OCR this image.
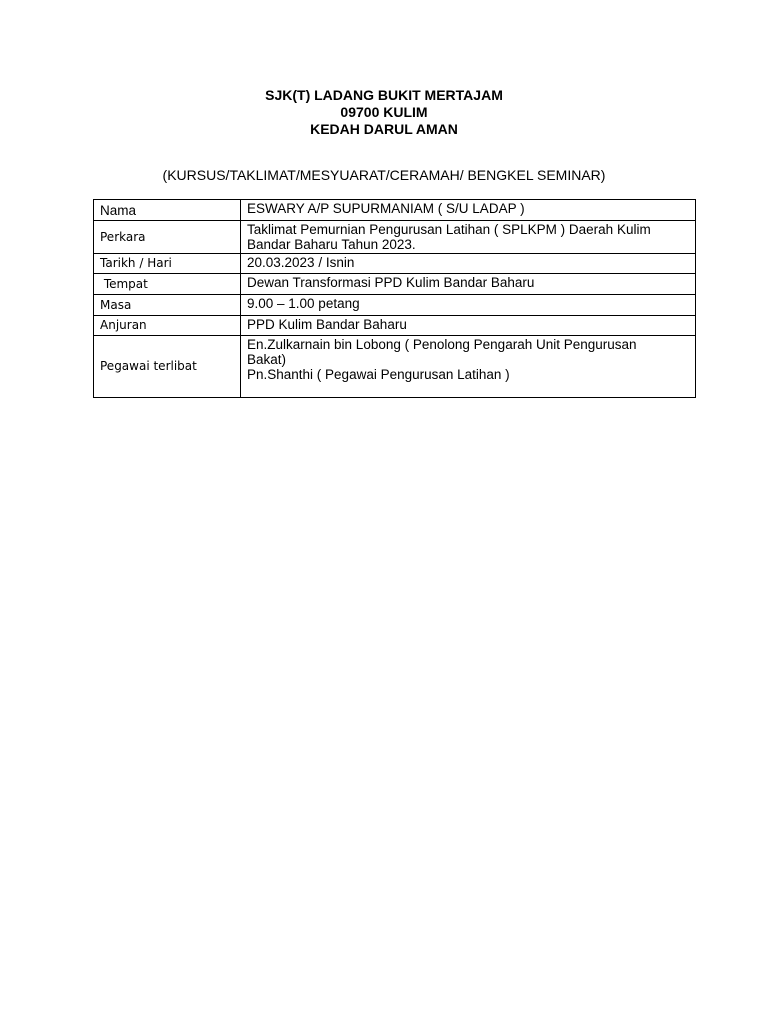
SJK(T) LADANG BUKIT MERTAJAM
09700 KULIM
KEDAH DARUL AMAN
(KURSUS/TAKLIMAT/MESYUARAT/CERAMAH/ BENGKEL SEMINAR)
Nama	ESWARY A/P SUPURMANIAM ( S/U LADAP )
Perkara	Taklimat Pemurnian Pengurusan Latihan ( SPLKPM ) Daerah Kulim
Bandar Baharu Tahun 2023.

Tarikh / Hari	20.03.2023 / Isnin
Tempat	Dewan Transformasi PPD Kulim Bandar Baharu
Masa	9.00 – 1.00 petang
Anjuran	PPD Kulim Bandar Baharu
Pegawai terlibat	En.Zulkarnain bin Lobong ( Penolong Pengarah Unit Pengurusan
Bakat)
Pn.Shanthi ( Pegawai Pengurusan Latihan )
